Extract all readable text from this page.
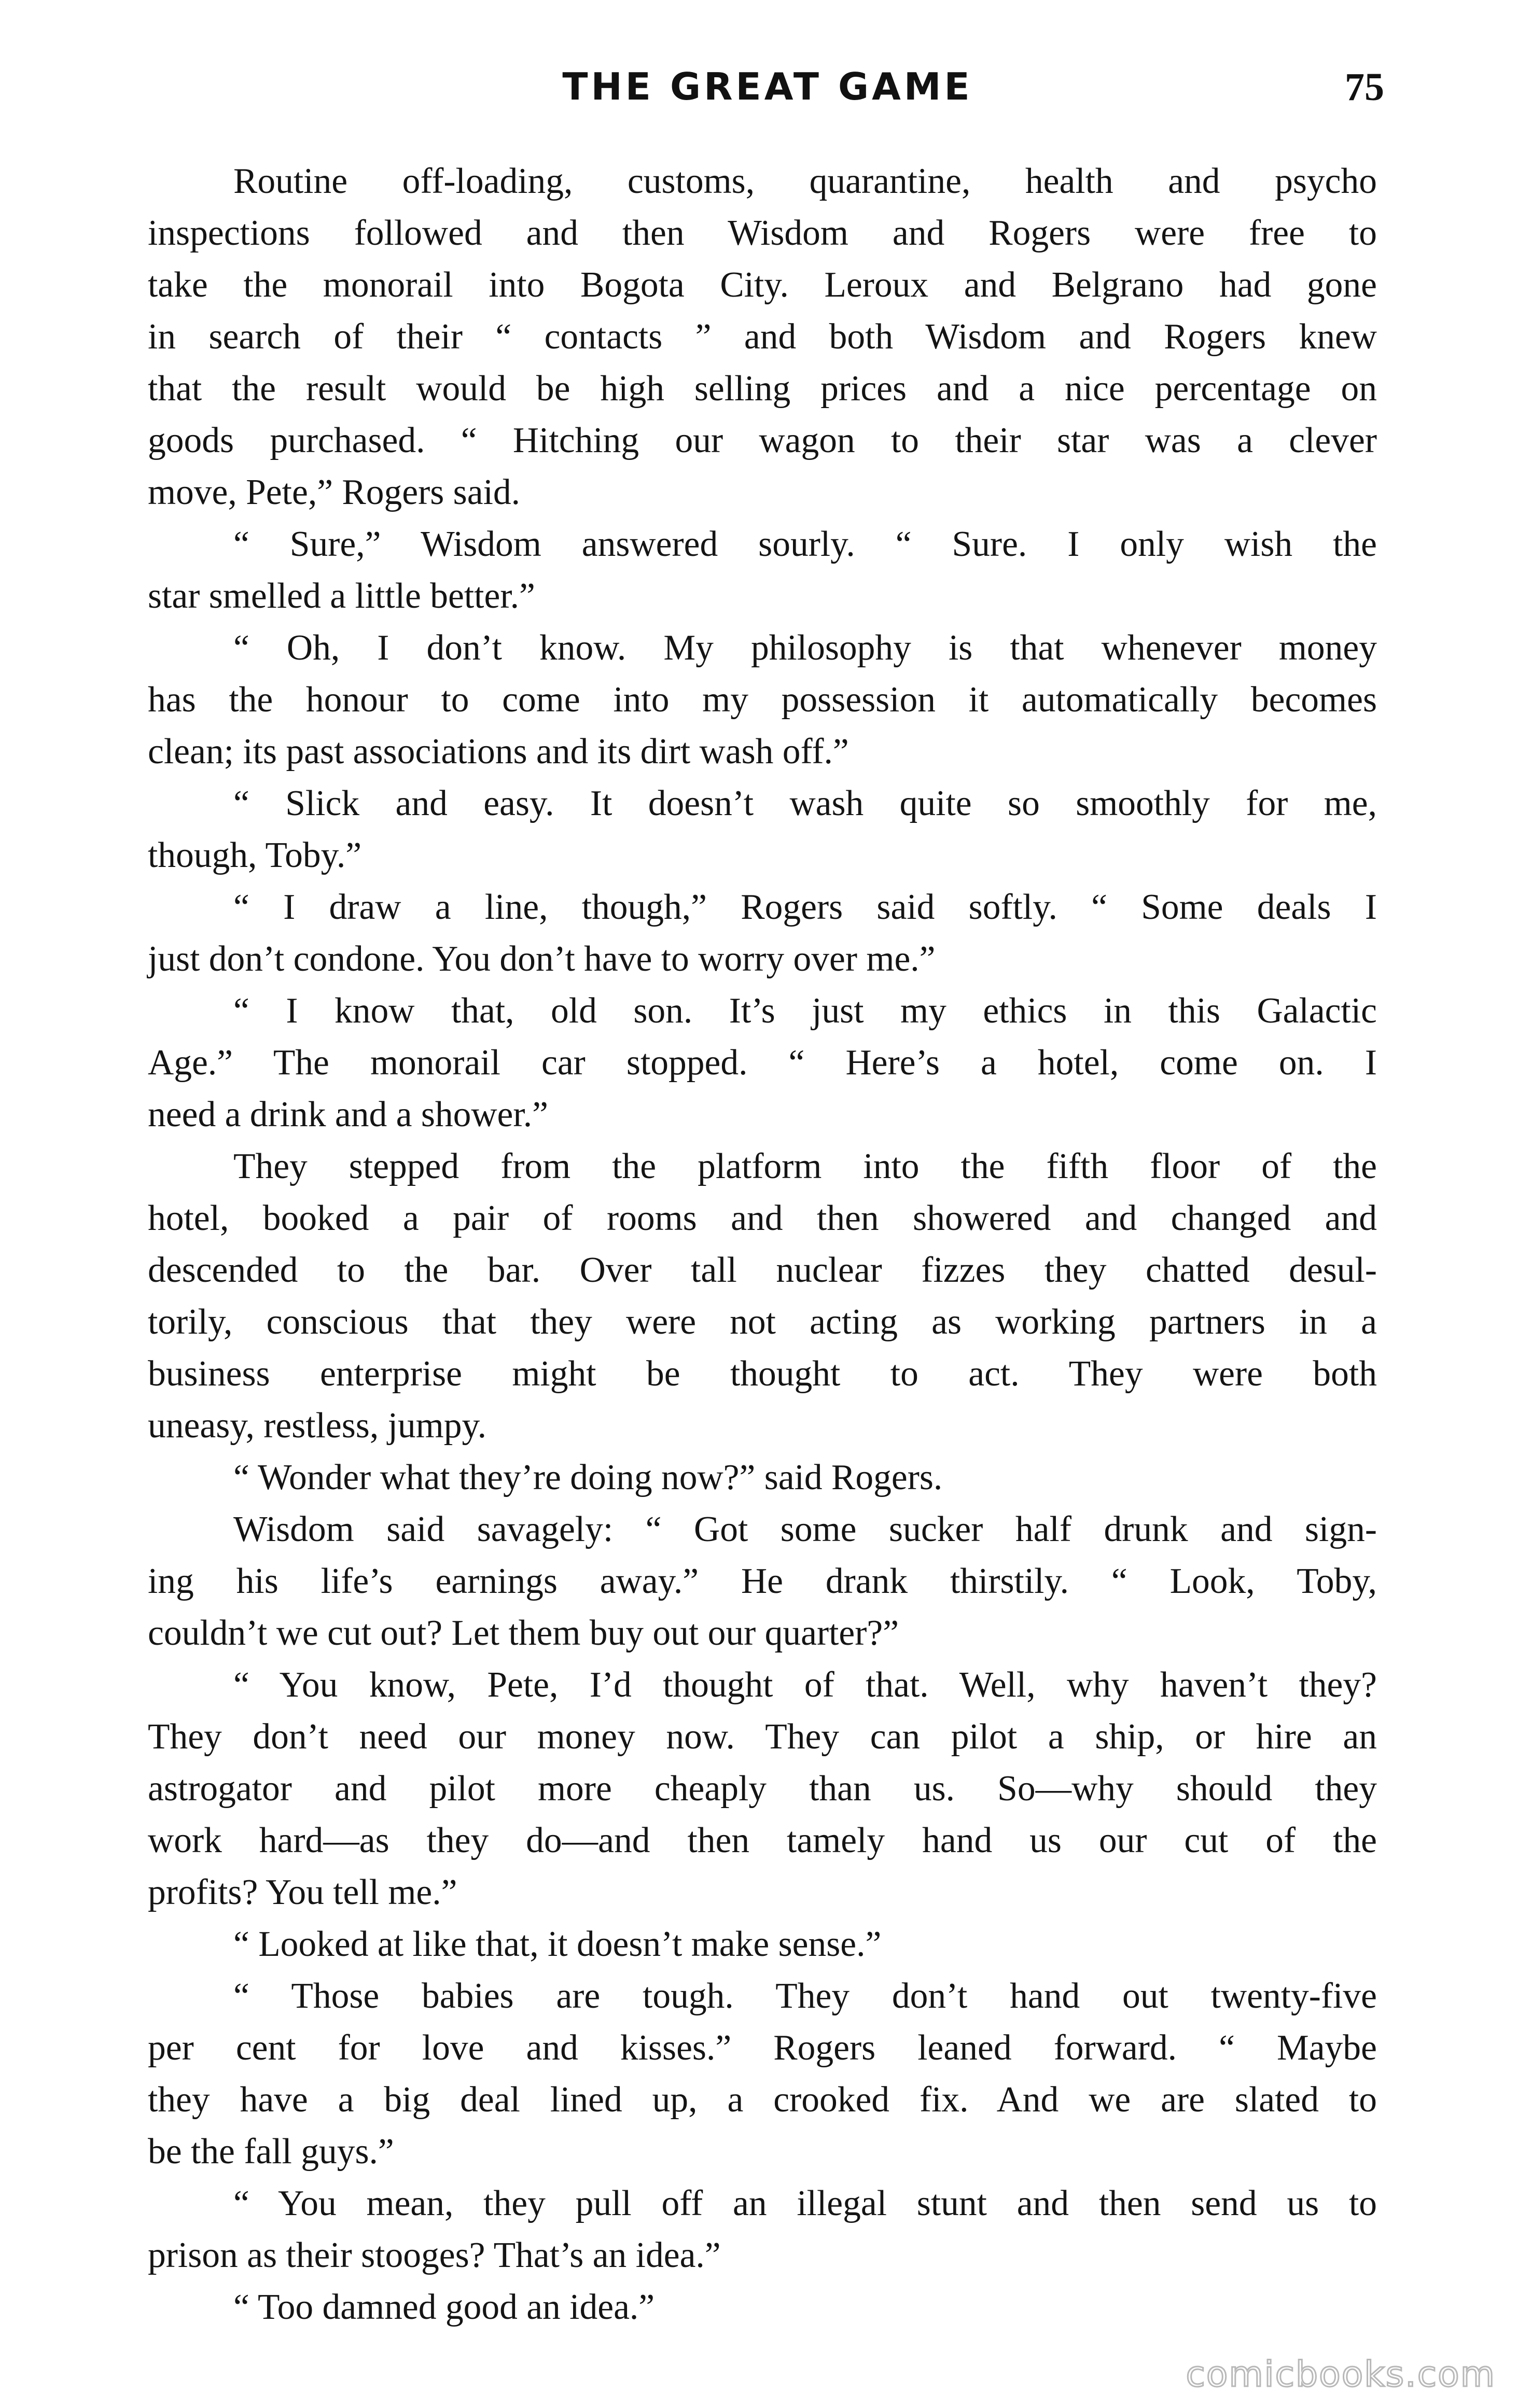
THE GREAT GAME	75
Routine off-loading, customs, quarantine, health and psycho
inspections followed and then Wisdom and Rogers were free to
take the monorail into Bogota City. Leroux and Belgrano had gone
in search of their “ contacts ” and both Wisdom and Rogers knew
that the result would be high selling prices and a nice percentage on
goods purchased. “ Hitching our wagon to their star was a clever
move, Pete,” Rogers said.
“ Sure,” Wisdom answered sourly. “ Sure. I only wish the
star smelled a little better.”
“ Oh, I don’t know. My philosophy is that whenever money
has the honour to come into my possession it automatically becomes
clean; its past associations and its dirt wash off.”
“ Slick and easy. It doesn’t wash quite so smoothly for me,
though, Toby.”
“ I draw a line, though,” Rogers said softly. “ Some deals I
just don’t condone. You don’t have to worry over me.”
“ I know that, old son. It’s just my ethics in this Galactic
Age.” The monorail car stopped. “ Here’s a hotel, come on. I
need a drink and a shower.”
They stepped from the platform into the fifth floor of the
hotel, booked a pair of rooms and then showered and changed and
descended to the bar. Over tall nuclear fizzes they chatted desul-
torily, conscious that they were not acting as working partners in a
business enterprise might be thought to act. They were both
uneasy, restless, jumpy.
“ Wonder what they’re doing now?” said Rogers.
Wisdom said savagely: “ Got some sucker half drunk and sign-
ing his life’s earnings away.” He drank thirstily. “ Look, Toby,
couldn’t we cut out? Let them buy out our quarter?”
“ You know, Pete, I’d thought of that. Well, why haven’t they?
They don’t need our money now. They can pilot a ship, or hire an
astrogator and pilot more cheaply than us. So—why should they
work hard—as they do—and then tamely hand us our cut of the
profits? You tell me.”
“ Looked at like that, it doesn’t make sense.”
“ Those babies are tough. They don’t hand out twenty-five
per cent for love and kisses.” Rogers leaned forward. “ Maybe
they have a big deal lined up, a crooked fix. And we are slated to
be the fall guys.”
“ You mean, they pull off an illegal stunt and then send us to
prison as their stooges? That’s an idea.”
“ Too damned good an idea.”
comicbooks.com
